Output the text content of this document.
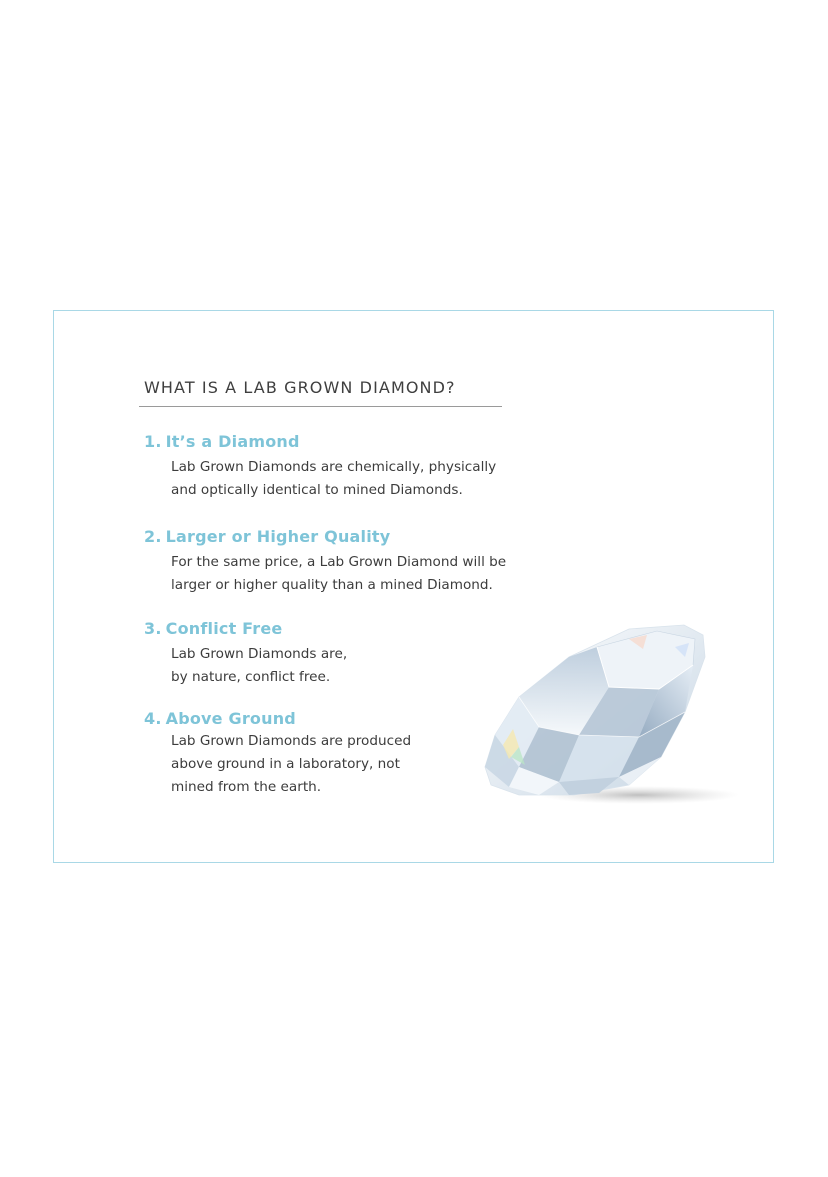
WHAT IS A LAB GROWN DIAMOND?

1. It’s a Diamond

Lab Grown Diamonds are chemically, physically
and optically identical to mined Diamonds.

2. Larger or Higher Quality

For the same price, a Lab Grown Diamond will be
larger or higher quality than a mined Diamond.

3. Conflict Free

Lab Grown Diamonds are,
by nature, conflict free.

4. Above Ground

Lab Grown Diamonds are produced
above ground in a laboratory, not
mined from the earth.
